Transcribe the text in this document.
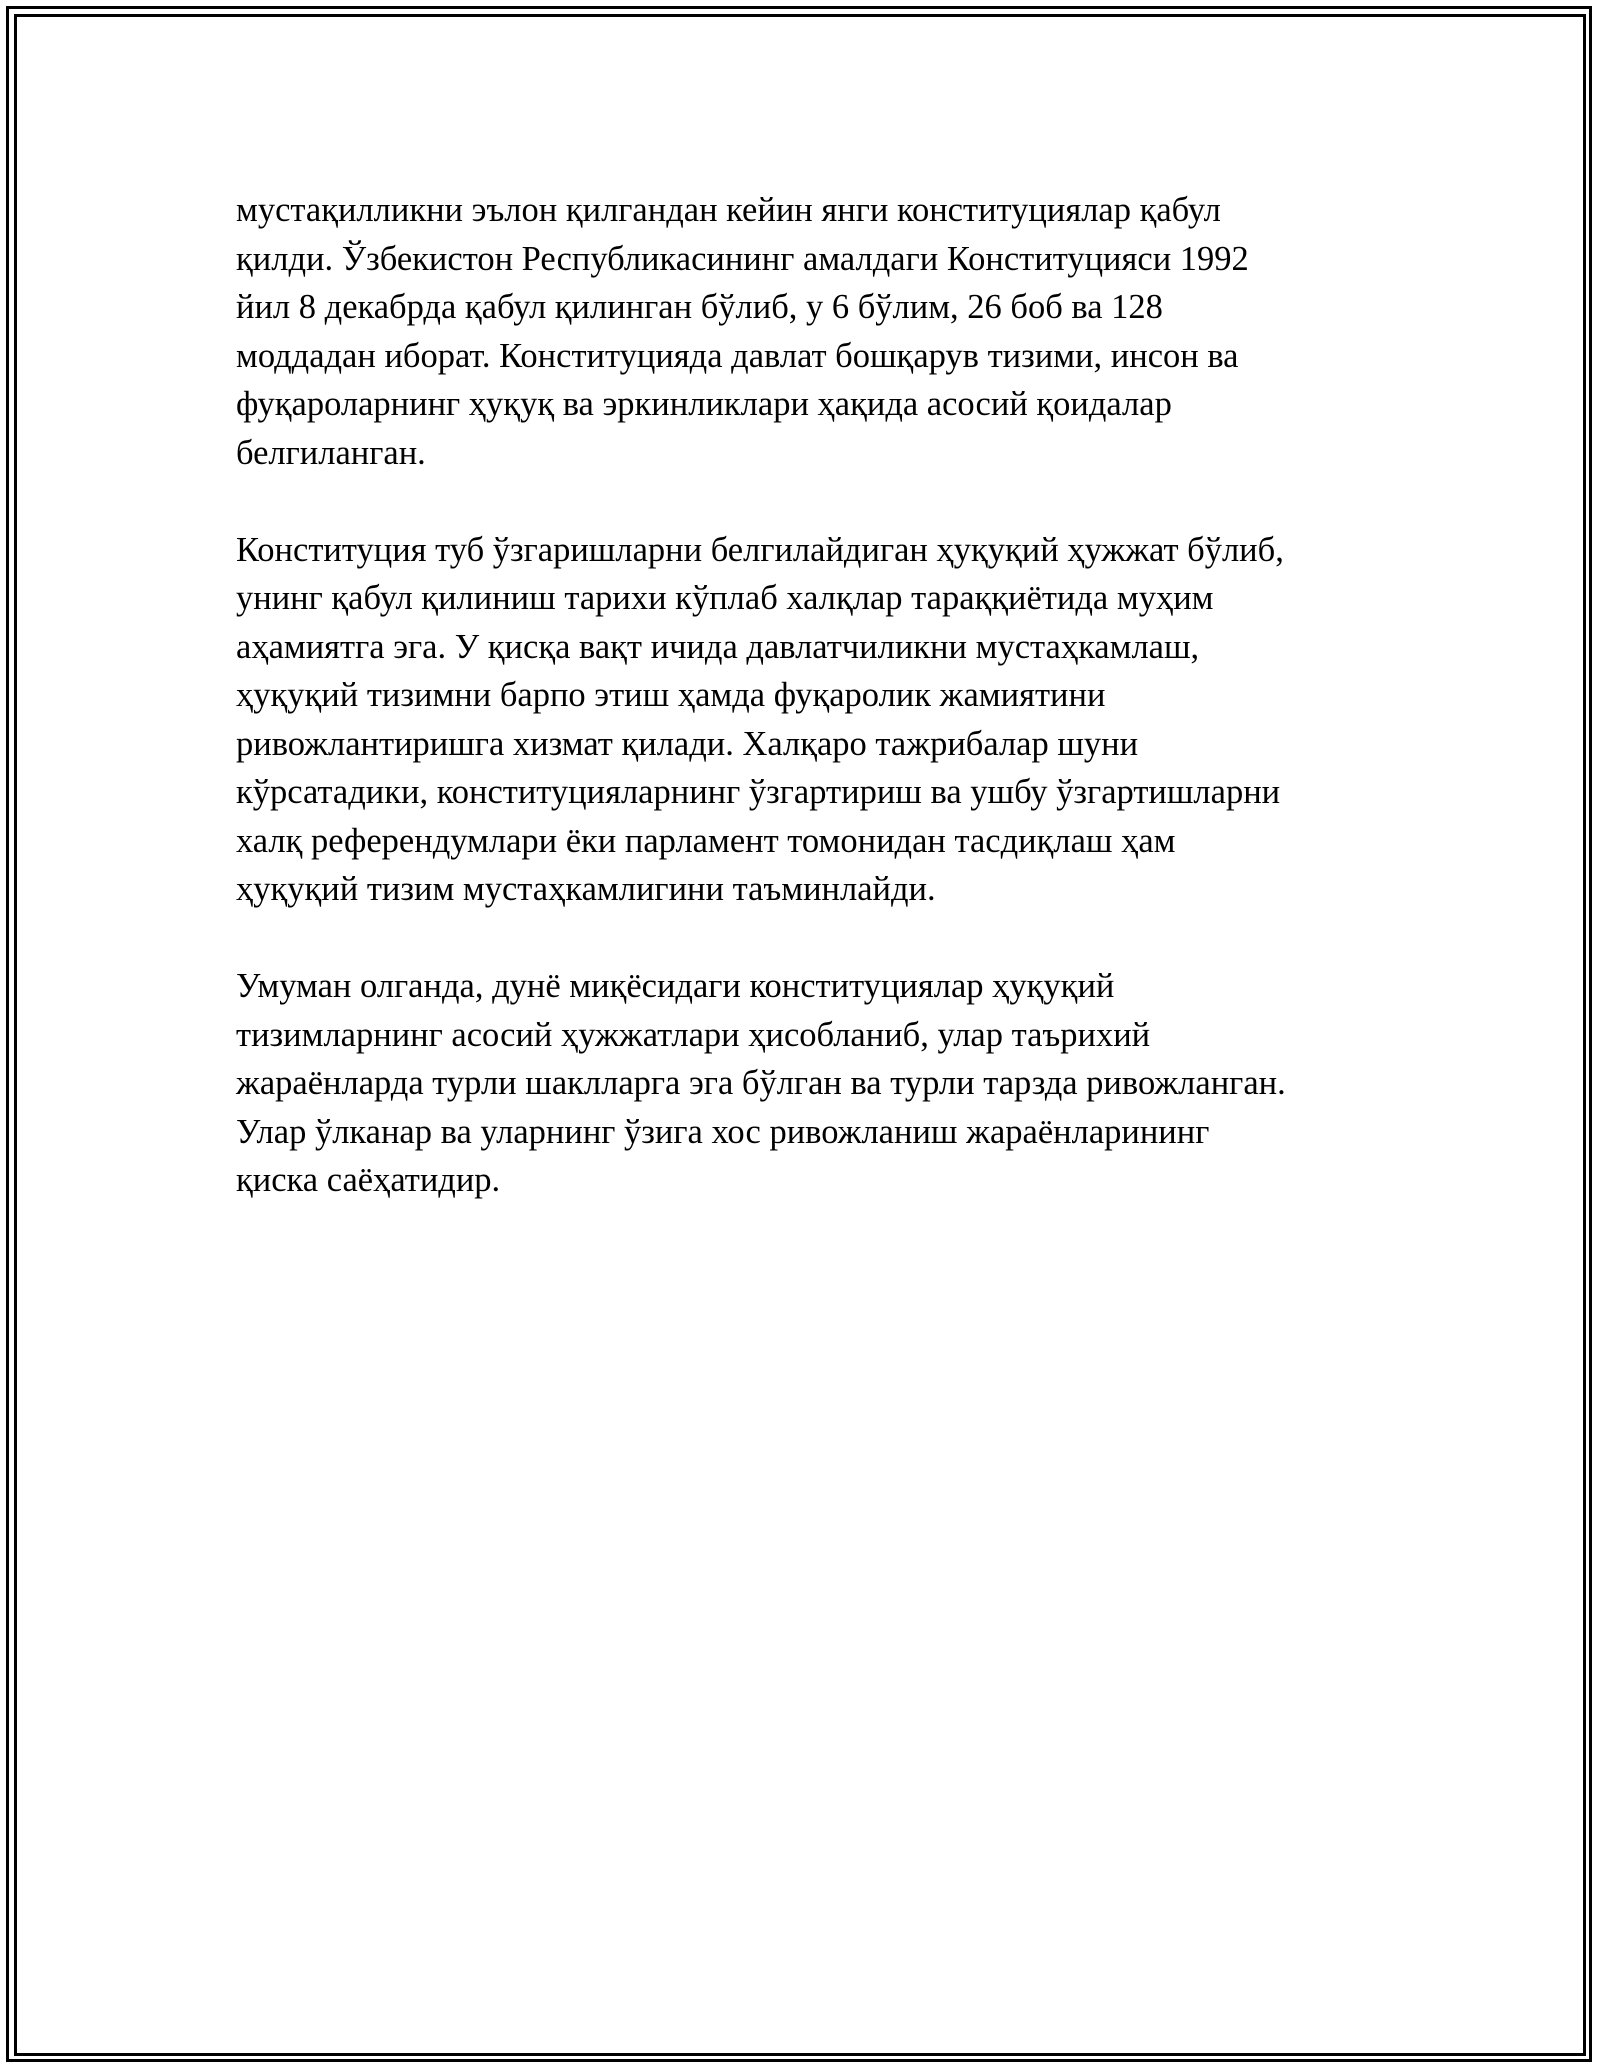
мустақилликни эълон қилгандан кейин янги конституциялар қабул
қилди. Ўзбекистон Республикасининг амалдаги Конституцияси 1992
йил 8 декабрда қабул қилинган бўлиб, у 6 бўлим, 26 боб ва 128
моддадан иборат. Конституцияда давлат бошқарув тизими, инсон ва
фуқароларнинг ҳуқуқ ва эркинликлари ҳақида асосий қоидалар
белгиланган.

Конституция туб ўзгаришларни белгилайдиган ҳуқуқий ҳужжат бўлиб,
унинг қабул қилиниш тарихи кўплаб халқлар тараққиётида муҳим
аҳамиятга эга. У қисқа вақт ичида давлатчиликни мустаҳкамлаш,
ҳуқуқий тизимни барпо этиш ҳамда фуқаролик жамиятини
ривожлантиришга хизмат қилади. Халқаро тажрибалар шуни
кўрсатадики, конституцияларнинг ўзгартириш ва ушбу ўзгартишларни
халқ референдумлари ёки парламент томонидан тасдиқлаш ҳам
ҳуқуқий тизим мустаҳкамлигини таъминлайди.

Умуман олганда, дунё миқёсидаги конституциялар ҳуқуқий
тизимларнинг асосий ҳужжатлари ҳисобланиб, улар таърихий
жараёнларда турли шаклларга эга бўлган ва турли тарзда ривожланган.
Улар ўлканар ва уларнинг ўзига хос ривожланиш жараёнларининг
қиска саёҳатидир.
